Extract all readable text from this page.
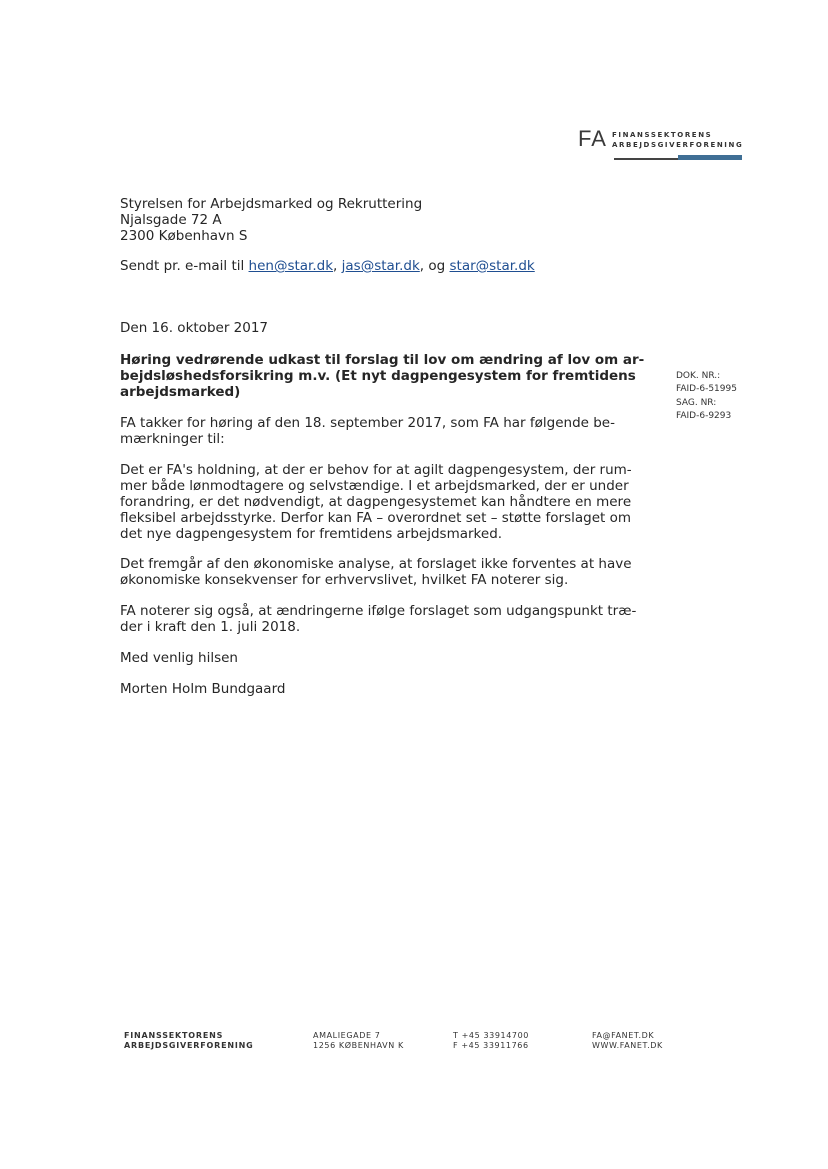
FA FINANSSEKTORENS
ARBEJDSGIVERFORENING
Styrelsen for Arbejdsmarked og Rekruttering
Njalsgade 72 A
2300 København S
Sendt pr. e-mail til hen@star.dk, jas@star.dk, og star@star.dk
Den 16. oktober 2017
Høring vedrørende udkast til forslag til lov om ændring af lov om ar-
bejdsløshedsforsikring m.v. (Et nyt dagpengesystem for fremtidens
arbejdsmarked)
DOK. NR.:
FAID-6-51995
SAG. NR:
FAID-6-9293
FA takker for høring af den 18. september 2017, som FA har følgende be-
mærkninger til:
Det er FA's holdning, at der er behov for at agilt dagpengesystem, der rum-
mer både lønmodtagere og selvstændige. I et arbejdsmarked, der er under
forandring, er det nødvendigt, at dagpengesystemet kan håndtere en mere
fleksibel arbejdsstyrke. Derfor kan FA – overordnet set – støtte forslaget om
det nye dagpengesystem for fremtidens arbejdsmarked.
Det fremgår af den økonomiske analyse, at forslaget ikke forventes at have
økonomiske konsekvenser for erhvervslivet, hvilket FA noterer sig.
FA noterer sig også, at ændringerne ifølge forslaget som udgangspunkt træ-
der i kraft den 1. juli 2018.
Med venlig hilsen
Morten Holm Bundgaard
FINANSSEKTORENS
ARBEJDSGIVERFORENING
AMALIEGADE 7
1256 KØBENHAVN K
T +45 33914700
F +45 33911766
FA@FANET.DK
WWW.FANET.DK
